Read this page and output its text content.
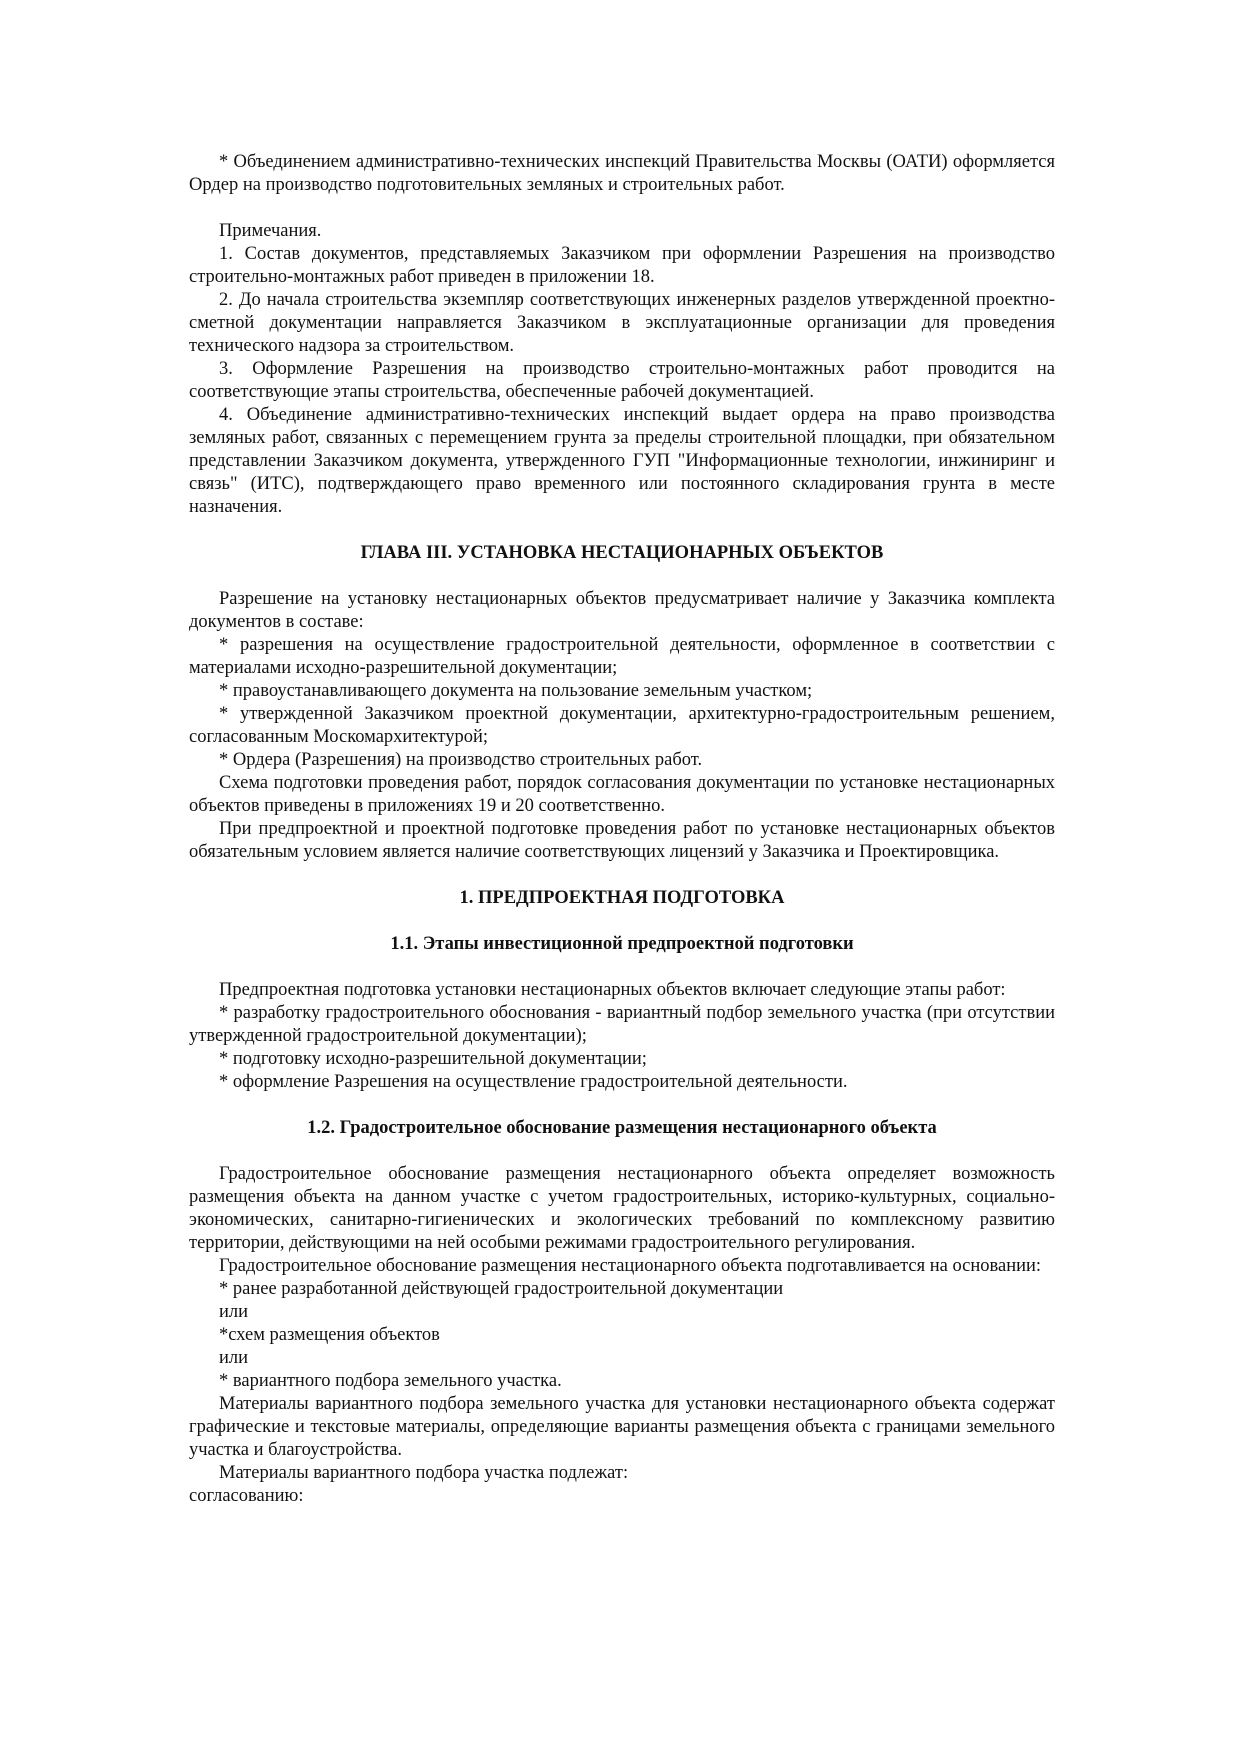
* Объединением административно-технических инспекций Правительства Москвы (ОАТИ) оформляется Ордер на производство подготовительных земляных и строительных работ.

Примечания.

1. Состав документов, представляемых Заказчиком при оформлении Разрешения на производство строительно-монтажных работ приведен в приложении 18.

2. До начала строительства экземпляр соответствующих инженерных разделов утвержденной проектно-сметной документации направляется Заказчиком в эксплуатационные организации для проведения технического надзора за строительством.

3. Оформление Разрешения на производство строительно-монтажных работ проводится на соответствующие этапы строительства, обеспеченные рабочей документацией.

4. Объединение административно-технических инспекций выдает ордера на право производства земляных работ, связанных с перемещением грунта за пределы строительной площадки, при обязательном представлении Заказчиком документа, утвержденного ГУП "Информационные технологии, инжиниринг и связь" (ИТС), подтверждающего право временного или постоянного складирования грунта в месте назначения.

ГЛАВА III. УСТАНОВКА НЕСТАЦИОНАРНЫХ ОБЪЕКТОВ

Разрешение на установку нестационарных объектов предусматривает наличие у Заказчика комплекта документов в составе:

* разрешения на осуществление градостроительной деятельности, оформленное в соответствии с материалами исходно-разрешительной документации;

* правоустанавливающего документа на пользование земельным участком;

* утвержденной Заказчиком проектной документации, архитектурно-градостроительным решением, согласованным Москомархитектурой;

* Ордера (Разрешения) на производство строительных работ.

Схема подготовки проведения работ, порядок согласования документации по установке нестационарных объектов приведены в приложениях 19 и 20 соответственно.

При предпроектной и проектной подготовке проведения работ по установке нестационарных объектов обязательным условием является наличие соответствующих лицензий у Заказчика и Проектировщика.

1. ПРЕДПРОЕКТНАЯ ПОДГОТОВКА
1.1. Этапы инвестиционной предпроектной подготовки

Предпроектная подготовка установки нестационарных объектов включает следующие этапы работ:

* разработку градостроительного обоснования - вариантный подбор земельного участка (при отсутствии утвержденной градостроительной документации);

* подготовку исходно-разрешительной документации;

* оформление Разрешения на осуществление градостроительной деятельности.

1.2. Градостроительное обоснование размещения нестационарного объекта

Градостроительное обоснование размещения нестационарного объекта определяет возможность размещения объекта на данном участке с учетом градостроительных, историко-культурных, социально-экономических, санитарно-гигиенических и экологических требований по комплексному развитию территории, действующими на ней особыми режимами градостроительного регулирования.

Градостроительное обоснование размещения нестационарного объекта подготавливается на основании:

* ранее разработанной действующей градостроительной документации

или

*схем размещения объектов

или

* вариантного подбора земельного участка.

Материалы вариантного подбора земельного участка для установки нестационарного объекта содержат графические и текстовые материалы, определяющие варианты размещения объекта с границами земельного участка и благоустройства.

Материалы вариантного подбора участка подлежат:

согласованию:
